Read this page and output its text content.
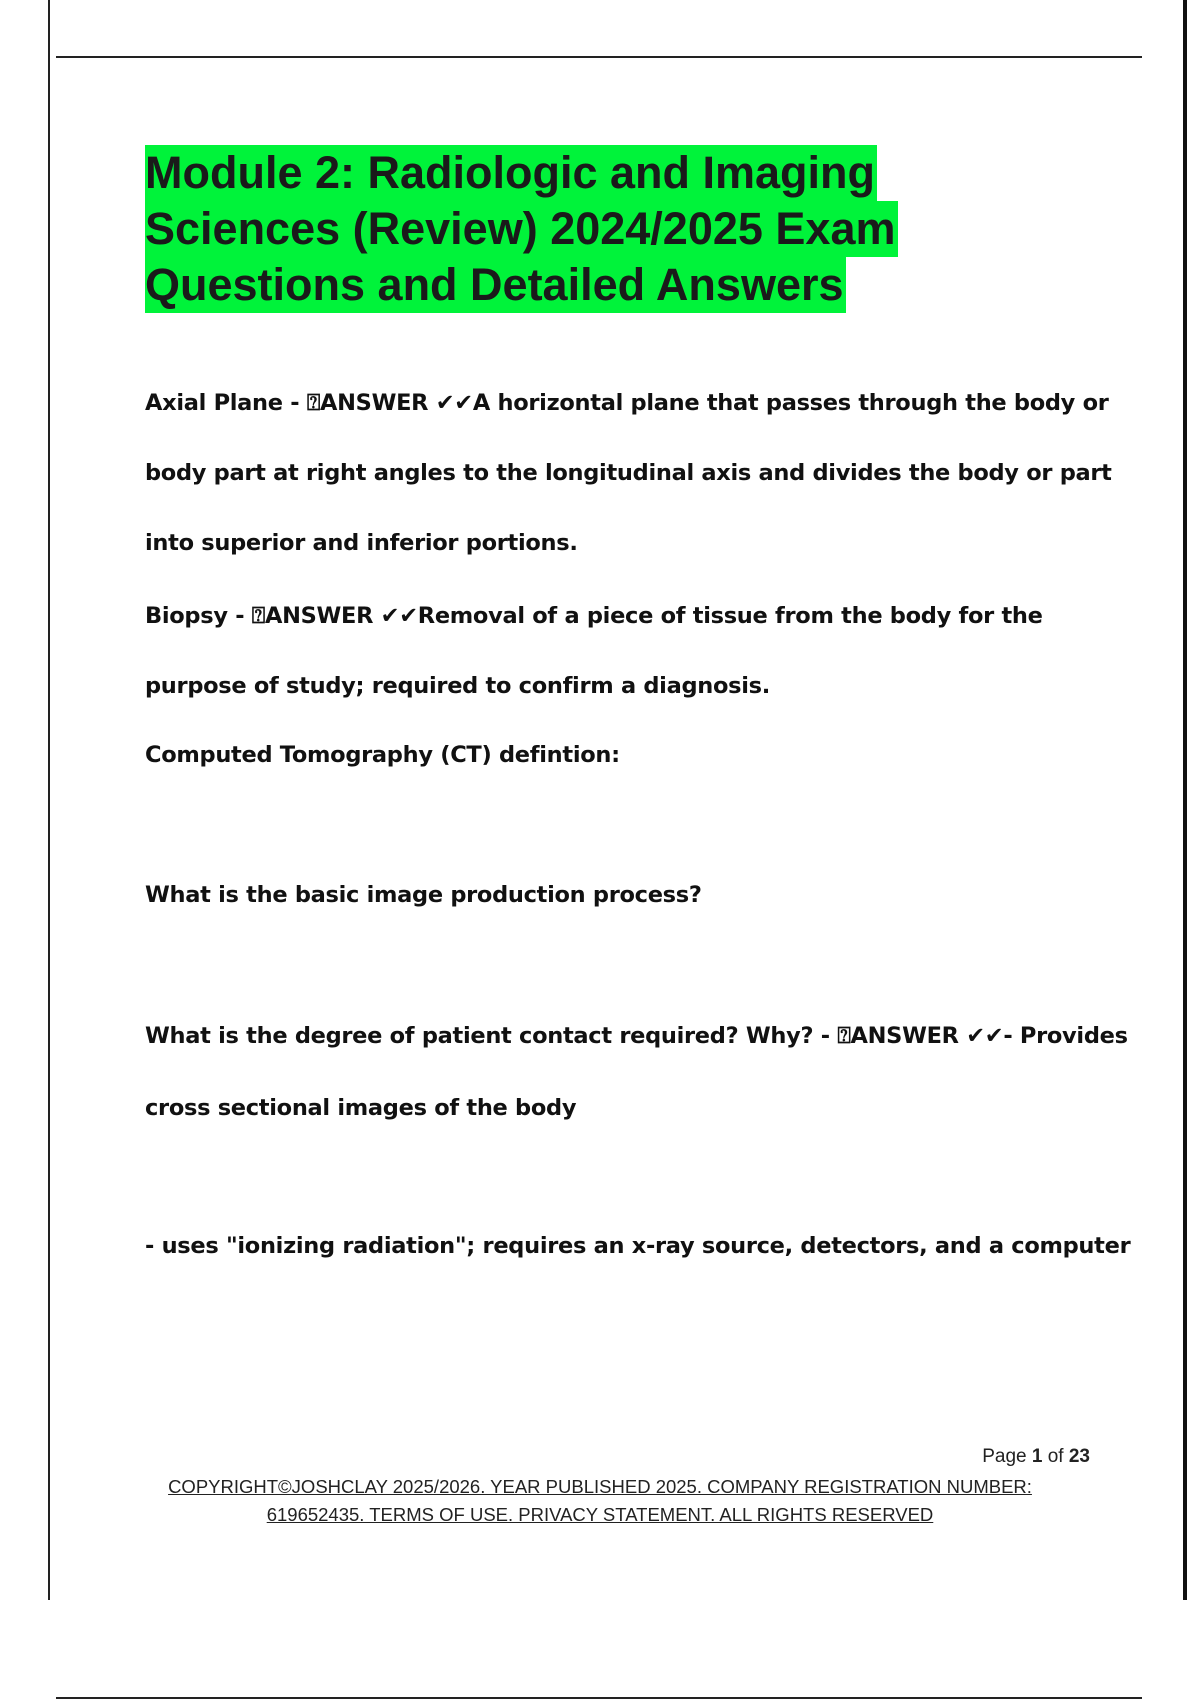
Module 2: Radiologic and Imaging
Sciences (Review) 2024/2025 Exam
Questions and Detailed Answers
Axial Plane - ⍰ANSWER ✔✔A horizontal plane that passes through the body or
body part at right angles to the longitudinal axis and divides the body or part
into superior and inferior portions.
Biopsy - ⍰ANSWER ✔✔Removal of a piece of tissue from the body for the
purpose of study; required to confirm a diagnosis.
Computed Tomography (CT) defintion:
What is the basic image production process?
What is the degree of patient contact required? Why? - ⍰ANSWER ✔✔- Provides
cross sectional images of the body
- uses "ionizing radiation"; requires an x-ray source, detectors, and a computer
Page 1 of 23
COPYRIGHT©JOSHCLAY 2025/2026. YEAR PUBLISHED 2025. COMPANY REGISTRATION NUMBER:
619652435. TERMS OF USE. PRIVACY STATEMENT. ALL RIGHTS RESERVED
